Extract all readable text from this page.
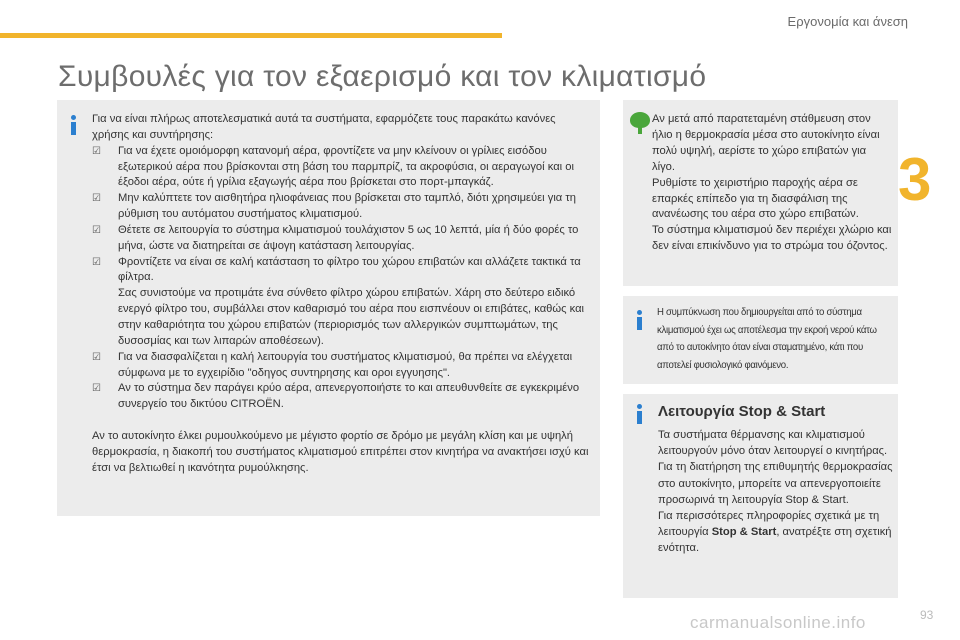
Εργονομία και άνεση
3
Συμβουλές για τον εξαερισμό και τον κλιματισμό

Για να είναι πλήρως αποτελεσματικά αυτά τα συστήματα, εφαρμόζετε τους παρακάτω κανόνες χρήσης και συντήρησης:

☑ Για να έχετε ομοιόμορφη κατανομή αέρα, φροντίζετε να μην κλείνουν οι γρίλιες εισόδου εξωτερικού αέρα που βρίσκονται στη βάση του παρμπρίζ, τα ακροφύσια, οι αεραγωγοί και οι έξοδοι αέρα, ούτε ή γρίλια εξαγωγής αέρα που βρίσκεται στο πορτ-μπαγκάζ.
☑ Μην καλύπτετε τον αισθητήρα ηλιοφάνειας που βρίσκεται στο ταμπλό, διότι χρησιμεύει για τη ρύθμιση του αυτόματου συστήματος κλιματισμού.
☑ Θέτετε σε λειτουργία το σύστημα κλιματισμού τουλάχιστον 5 ως 10 λεπτά, μία ή δύο φορές το μήνα, ώστε να διατηρείται σε άψογη κατάσταση λειτουργίας.
☑ Φροντίζετε να είναι σε καλή κατάσταση το φίλτρο του χώρου επιβατών και αλλάζετε τακτικά τα φίλτρα.
Σας συνιστούμε να προτιμάτε ένα σύνθετο φίλτρο χώρου επιβατών. Χάρη στο δεύτερο ειδικό ενεργό φίλτρο του, συμβάλλει στον καθαρισμό του αέρα που εισπνέουν οι επιβάτες, καθώς και στην καθαριότητα του χώρου επιβατών (περιορισμός των αλλεργικών συμπτωμάτων, της δυσοσμίας και των λιπαρών αποθέσεων).
☑ Για να διασφαλίζεται η καλή λειτουργία του συστήματος κλιματισμού, θα πρέπει να ελέγχεται σύμφωνα με το εγχειρίδιο "οδηγος συντηρησης και οροι εγγυησης".
☑ Αν το σύστημα δεν παράγει κρύο αέρα, απενεργοποιήστε το και απευθυνθείτε σε εγκεκριμένο συνεργείο του δικτύου CITROËN.

Αν το αυτοκίνητο έλκει ρυμουλκούμενο με μέγιστο φορτίο σε δρόμο με μεγάλη κλίση και με υψηλή θερμοκρασία, η διακοπή του συστήματος κλιματισμού επιτρέπει στον κινητήρα να ανακτήσει ισχύ και έτσι να βελτιωθεί η ικανότητα ρυμούλκησης.

Αν μετά από παρατεταμένη στάθμευση στον ήλιο η θερμοκρασία μέσα στο αυτοκίνητο είναι πολύ υψηλή, αερίστε το χώρο επιβατών για λίγο.

Ρυθμίστε το χειριστήριο παροχής αέρα σε επαρκές επίπεδο για τη διασφάλιση της ανανέωσης του αέρα στο χώρο επιβατών.

Το σύστημα κλιματισμού δεν περιέχει χλώριο και δεν είναι επικίνδυνο για το στρώμα του όζοντος.

Η συμπύκνωση που δημιουργείται από το σύστημα κλιματισμού έχει ως αποτέλεσμα την εκροή νερού κάτω από το αυτοκίνητο όταν είναι σταματημένο, κάτι που αποτελεί φυσιολογικό φαινόμενο.
Λειτουργία Stop & Start

Τα συστήματα θέρμανσης και κλιματισμού λειτουργούν μόνο όταν λειτουργεί ο κινητήρας.

Για τη διατήρηση της επιθυμητής θερμοκρασίας στο αυτοκίνητο, μπορείτε να απενεργοποιείτε προσωρινά τη λειτουργία Stop & Start.

Για περισσότερες πληροφορίες σχετικά με τη λειτουργία Stop & Start, ανατρέξτε στη σχετική ενότητα.

carmanualsonline.info	93
